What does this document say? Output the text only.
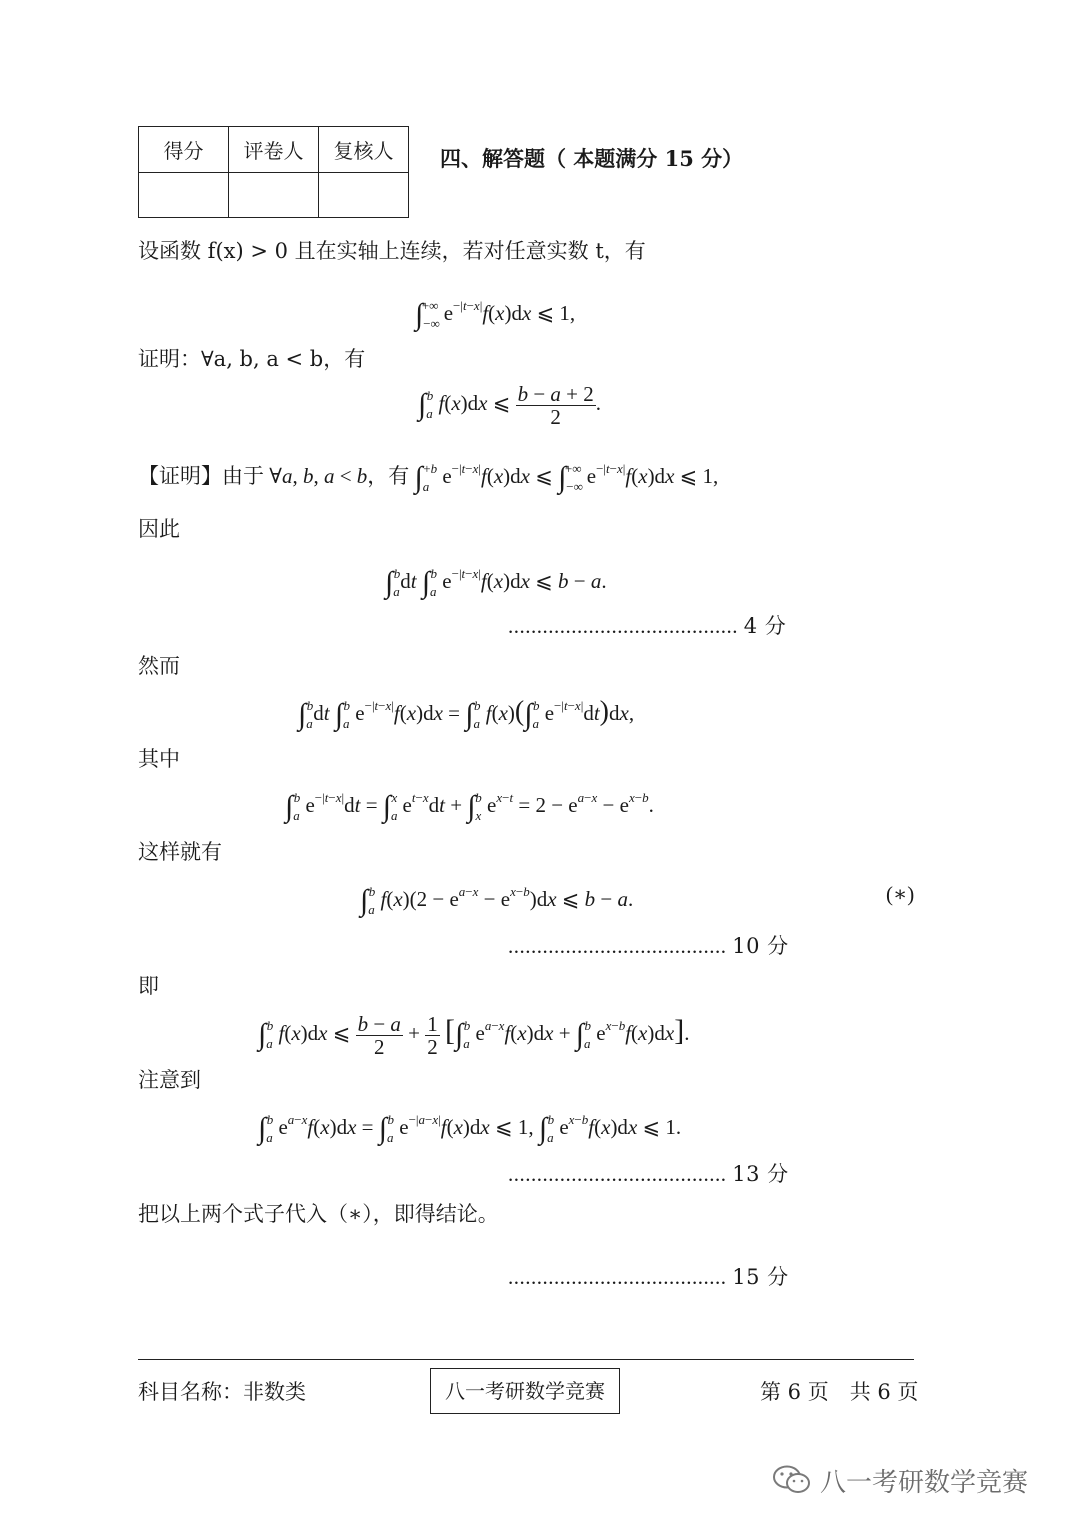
得分	评卷人	复核人
		四、解答题（ 本题满分 15 分）
设函数 f(x) > 0 且在实轴上连续，若对任意实数 t，有
$\int_{-\infty}^{+\infty}$ $e^{-|t-x|}f(x)dx$ ⩽ 1,
证明：∀a, b, a < b，有
$\int_a^b$ f(x)dx ⩽ $\frac{b - a + 2}{2}$ .
【证明】由于 ∀a, b, a < b，有 $\int_a^{+b}$ $e^{-|t-x|}f(x)dx$ ⩽ $\int_{-\infty}^{+\infty}$ $e^{-|t-x|}f(x)dx$ ⩽ 1,
因此
$\int_a^bdt$ $\int_a^b$ $e^{-|t-x|}f(x)dx$ ⩽ b − a.
........................................ 4 分
然而
$\int_a^bdt$ $\int_a^b$ $e^{-|t-x|}f(x)dx = \int_a^b$ $f(x)(\int_a^b$ $e^{-|t-x|}dt)dx$,
其中
$\int_a^b$ $e^{-|t-x|}dt = \int_a^x$ $e^{t-x}dt + \int_x^b$ $e^{x-t} = 2 - e^{a-x} - e^{x-b}$.
这样就有
$\int_a^b$ $f(x)(2 - e^{a-x} - e^{x-b})dx$ ⩽ b − a.	(∗)
...................................... 10 分
即
$\int_a^b$ f(x)dx ⩽ $\frac{b - a}{2} + \frac{1}{2} [\int_a^b$ $e^{a-x}f(x)dx + \int_a^b$ $e^{x-b}f(x)dx$].
注意到
$\int_a^b$ $e^{a-x}f(x)dx = \int_a^b$ $e^{-|a-x|}f(x)dx$ ⩽ 1, $\int_a^b$ $e^{x-b}f(x)dx$ ⩽ 1.
...................................... 13 分
把以上两个式子代入（∗），即得结论。
...................................... 15 分
科目名称：非数类	八一考研数学竞赛	第 6 页　共 6 页
八一考研数学竞赛
